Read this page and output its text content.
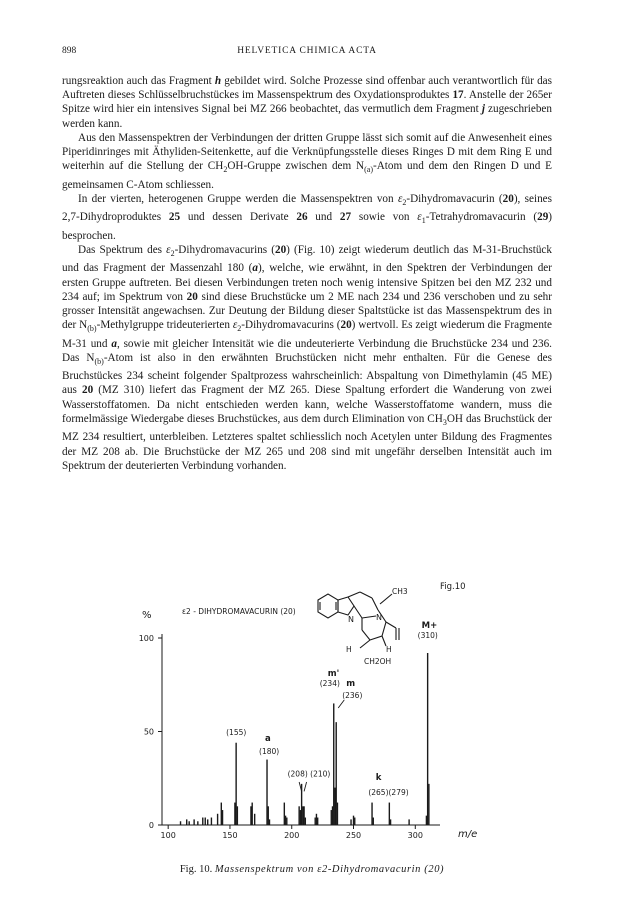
898	HELVETICA CHIMICA ACTA

rungsreaktion auch das Fragment h gebildet wird. Solche Prozesse sind offenbar auch verantwortlich für das Auftreten dieses Schlüsselbruchstückes im Massenspektrum des Oxydationsproduktes 17. Anstelle der 265er Spitze wird hier ein intensives Signal bei MZ 266 beobachtet, das vermutlich dem Fragment j zugeschrieben werden kann.

Aus den Massenspektren der Verbindungen der dritten Gruppe lässt sich somit auf die Anwesenheit eines Piperidinringes mit Äthyliden-Seitenkette, auf die Verknüpfungsstelle dieses Ringes D mit dem Ring E und weiterhin auf die Stellung der $CH_2OH$-Gruppe zwischen dem $N_{(a)}$-Atom und dem den Ringen D und E gemeinsamen C-Atom schliessen.

In der vierten, heterogenen Gruppe werden die Massenspektren von $\varepsilon_2$-Dihydromavacurin (20), seines 2,7-Dihydroproduktes 25 und dessen Derivate 26 und 27 sowie von $\varepsilon_1$-Tetrahydromavacurin (29) besprochen.

Das Spektrum des $\varepsilon_2$-Dihydromavacurins (20) (Fig. 10) zeigt wiederum deutlich das M-31-Bruchstück und das Fragment der Massenzahl 180 (a), welche, wie erwähnt, in den Spektren der Verbindungen der ersten Gruppe auftreten. Bei diesen Verbindungen treten noch wenig intensive Spitzen bei den MZ 232 und 234 auf; im Spektrum von 20 sind diese Bruchstücke um 2 ME nach 234 und 236 verschoben und zu sehr grosser Intensität angewachsen. Zur Deutung der Bildung dieser Spaltstücke ist das Massenspektrum des in der $N_{(b)}$-Methylgruppe trideuterierten $\varepsilon_2$-Dihydromavacurins (20) wertvoll. Es zeigt wiederum die Fragmente M-31 und a, sowie mit gleicher Intensität wie die undeuterierte Verbindung die Bruchstücke 234 und 236. Das $N_{(b)}$-Atom ist also in den erwähnten Bruchstücken nicht mehr enthalten. Für die Genese des Bruchstückes 234 scheint folgender Spaltprozess wahrscheinlich: Abspaltung von Dimethylamin (45 ME) aus 20 (MZ 310) liefert das Fragment der MZ 265. Diese Spaltung erfordert die Wanderung von zwei Wasserstoffatomen. Da nicht entschieden werden kann, welche Wasserstoffatome wandern, muss die formelmässige Wiedergabe dieses Bruchstückes, aus dem durch Elimination von $CH_3OH$ das Bruchstück der MZ 234 resultiert, unterbleiben. Letzteres spaltet schliesslich noch Acetylen unter Bildung des Fragmentes der MZ 208 ab. Die Bruchstücke der MZ 265 und 208 sind mit ungefähr derselben Intensität auch im Spektrum der deuterierten Verbindung vorhanden.

0
50
100
100	150	200	250	300
%
m/e
Fig.10
ε2 - DIHYDROMAVACURIN (20)
N	N
CH3
H	H
CH2OH
M+
(310)
m'
(234) m
(236)
(155)
a
(180)
(208) (210)	k
(265)(279)
Fig. 10. Massenspektrum von ε2-Dihydromavacurin (20)
